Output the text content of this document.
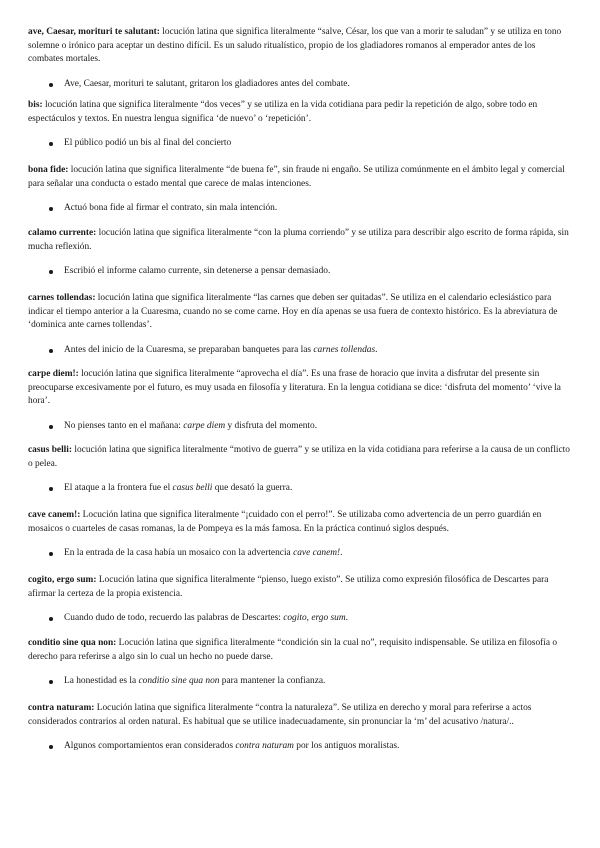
ave, Caesar, morituri te salutant: locución latina que significa literalmente “salve, César, los que van a morir te saludan” y se utiliza en tono solemne o irónico para aceptar un destino difícil. Es un saludo ritualístico, propio de los gladiadores romanos al emperador antes de los combates mortales.

Ave, Caesar, morituri te salutant, gritaron los gladiadores antes del combate.

bis: locución latina que significa literalmente “dos veces” y se utiliza en la vida cotidiana para pedir la repetición de algo, sobre todo en espectáculos y textos. En nuestra lengua significa ‘de nuevo’ o ‘repetición’.

El público podió un bis al final del concierto

bona fide: locución latina que significa literalmente “de buena fe”, sin fraude ni engaño. Se utiliza comúnmente en el ámbito legal y comercial para señalar una conducta o estado mental que carece de malas intenciones.

Actuó bona fide al firmar el contrato, sin mala intención.

calamo currente: locución latina que significa literalmente “con la pluma corriendo” y se utiliza para describir algo escrito de forma rápida, sin mucha reflexión.

Escribió el informe calamo currente, sin detenerse a pensar demasiado.

carnes tollendas: locución latina que significa literalmente “las carnes que deben ser quitadas”. Se utiliza en el calendario eclesiástico para indicar el tiempo anterior a la Cuaresma, cuando no se come carne. Hoy en día apenas se usa fuera de contexto histórico. Es la abreviatura de ‘dominica ante carnes tollendas’.

Antes del inicio de la Cuaresma, se preparaban banquetes para las carnes tollendas.

carpe diem!: locución latina que significa literalmente “aprovecha el día”. Es una frase de horacio que invita a disfrutar del presente sin preocuparse excesivamente por el futuro, es muy usada en filosofía y literatura. En la lengua cotidiana se dice: ‘disfruta del momento’ ‘vive la hora’.

No pienses tanto en el mañana: carpe diem y disfruta del momento.

casus belli: locución latina que significa literalmente “motivo de guerra” y se utiliza en la vida cotidiana para referirse a la causa de un conflicto o pelea.

El ataque a la frontera fue el casus belli que desató la guerra.

cave canem!: Locución latina que significa literalmente “¡cuidado con el perro!”. Se utilizaba como advertencia de un perro guardián en mosaicos o cuarteles de casas romanas, la de Pompeya es la más famosa. En la práctica continuó siglos después.

En la entrada de la casa había un mosaico con la advertencia cave canem!.

cogito, ergo sum: Locución latina que significa literalmente “pienso, luego existo”. Se utiliza como expresión filosófica de Descartes para afirmar la certeza de la propia existencia.

Cuando dudo de todo, recuerdo las palabras de Descartes: cogito, ergo sum.

conditio sine qua non: Locución latina que significa literalmente “condición sin la cual no”, requisito indispensable. Se utiliza en filosofía o derecho para referirse a algo sin lo cual un hecho no puede darse.

La honestidad es la conditio sine qua non para mantener la confianza.

contra naturam: Locución latina que significa literalmente “contra la naturaleza”. Se utiliza en derecho y moral para referirse a actos considerados contrarios al orden natural. Es habitual que se utilice inadecuadamente, sin pronunciar la ‘m’ del acusativo /natura/..

Algunos comportamientos eran considerados contra naturam por los antiguos moralistas.
